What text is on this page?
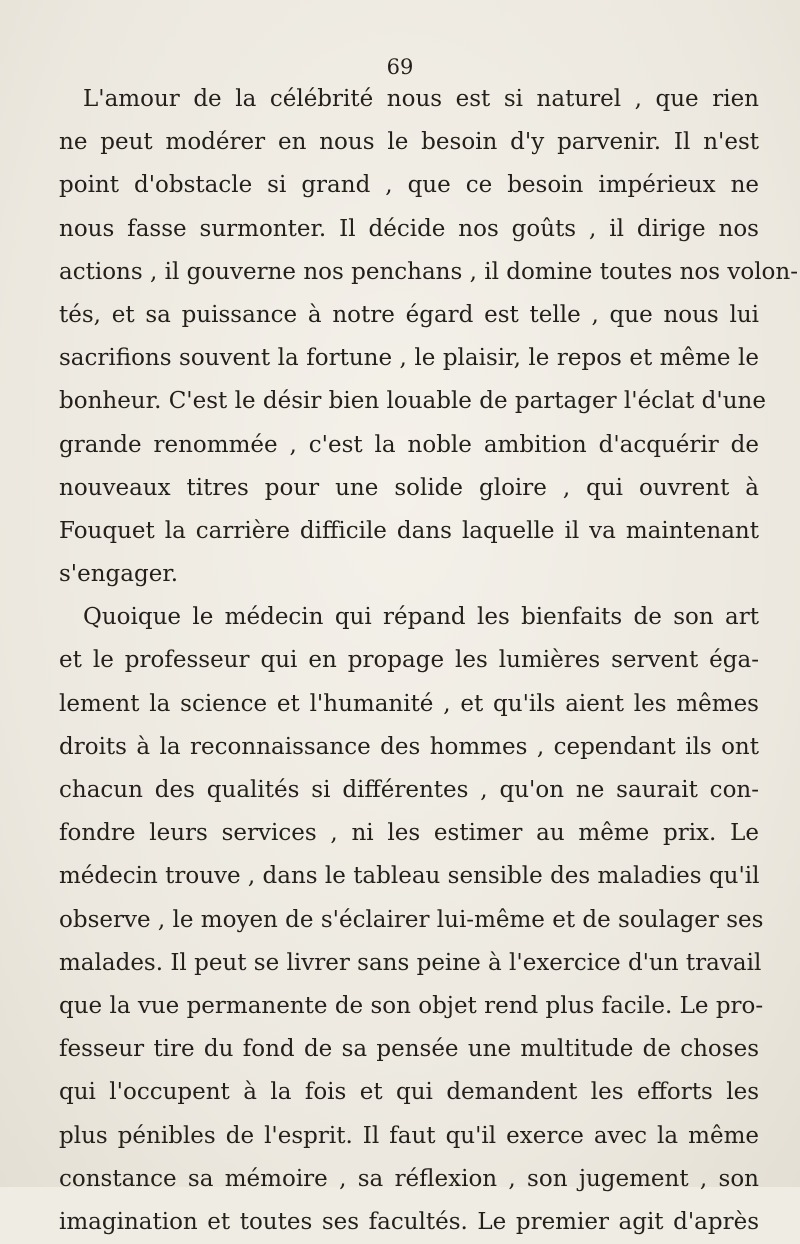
69
L'amour de la célébrité nous est si naturel , que rien
ne peut modérer en nous le besoin d'y parvenir. Il n'est
point d'obstacle si grand , que ce besoin impérieux ne
nous fasse surmonter. Il décide nos goûts , il dirige nos
actions , il gouverne nos penchans , il domine toutes nos volon-
tés, et sa puissance à notre égard est telle , que nous lui
sacrifions souvent la fortune , le plaisir, le repos et même le
bonheur. C'est le désir bien louable de partager l'éclat d'une
grande renommée , c'est la noble ambition d'acquérir de
nouveaux titres pour une solide gloire , qui ouvrent à
Fouquet la carrière difficile dans laquelle il va maintenant
s'engager.
Quoique le médecin qui répand les bienfaits de son art
et le professeur qui en propage les lumières servent éga-
lement la science et l'humanité , et qu'ils aient les mêmes
droits à la reconnaissance des hommes , cependant ils ont
chacun des qualités si différentes , qu'on ne saurait con-
fondre leurs services , ni les estimer au même prix. Le
médecin trouve , dans le tableau sensible des maladies qu'il
observe , le moyen de s'éclairer lui-même et de soulager ses
malades. Il peut se livrer sans peine à l'exercice d'un travail
que la vue permanente de son objet rend plus facile. Le pro-
fesseur tire du fond de sa pensée une multitude de choses
qui l'occupent à la fois et qui demandent les efforts les
plus pénibles de l'esprit. Il faut qu'il exerce avec la même
constance sa mémoire , sa réflexion , son jugement , son
imagination et toutes ses facultés. Le premier agit d'après
